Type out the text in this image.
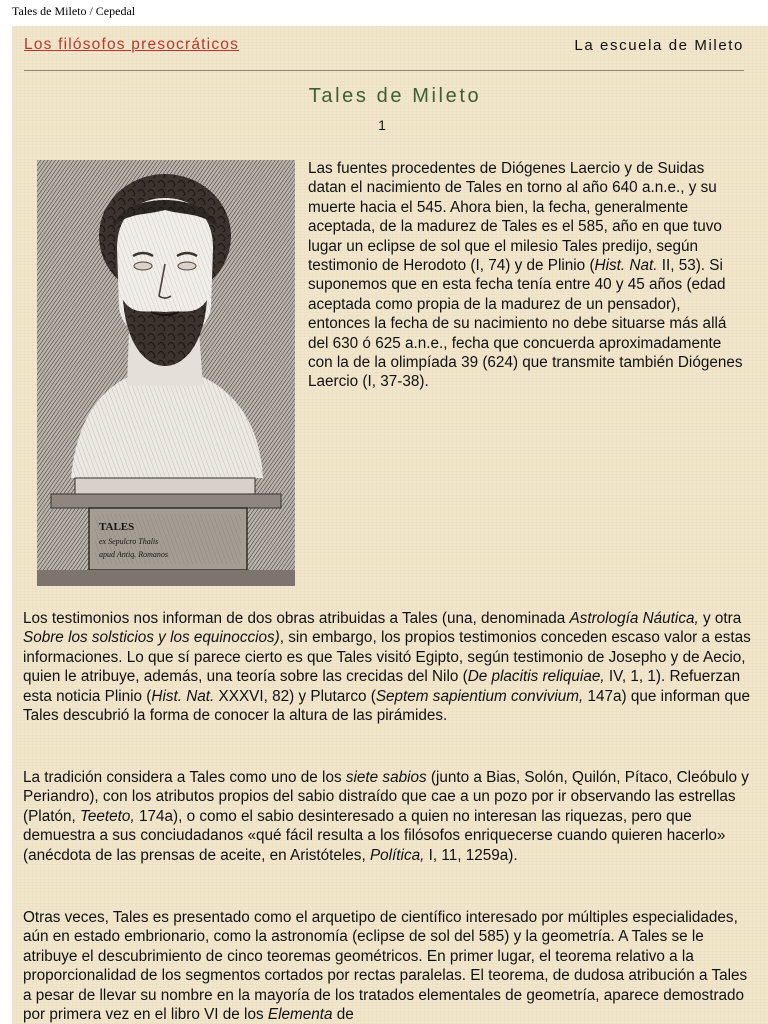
Tales de Mileto / Cepedal
Los filósofos presocráticos	La escuela de Mileto
Tales de Mileto
1
TALES
ex Sepulcro Thalis
apud Antiq. Romanos

Las fuentes procedentes de Diógenes Laercio y de Suidas datan el nacimiento de Tales en torno al año 640 a.n.e., y su muerte hacia el 545. Ahora bien, la fecha, generalmente aceptada, de la madurez de Tales es el 585, año en que tuvo lugar un eclipse de sol que el milesio Tales predijo, según testimonio de Herodoto (I, 74) y de Plinio (Hist. Nat. II, 53). Si suponemos que en esta fecha tenía entre 40 y 45 años (edad aceptada como propia de la madurez de un pensador), entonces la fecha de su nacimiento no debe situarse más allá del 630 ó 625 a.n.e., fecha que concuerda aproximadamente con la de la olimpíada 39 (624) que transmite también Diógenes Laercio (I, 37-38).

Los testimonios nos informan de dos obras atribuidas a Tales (una, denominada Astrología Náutica, y otra Sobre los solsticios y los equinoccios), sin embargo, los propios testimonios conceden escaso valor a estas informaciones. Lo que sí parece cierto es que Tales visitó Egipto, según testimonio de Josepho y de Aecio, quien le atribuye, además, una teoría sobre las crecidas del Nilo (De placitis reliquiae, IV, 1, 1). Refuerzan esta noticia Plinio (Hist. Nat. XXXVI, 82) y Plutarco (Septem sapientium convivium, 147a) que informan que Tales descubrió la forma de conocer la altura de las pirámides.

La tradición considera a Tales como uno de los siete sabios (junto a Bias, Solón, Quilón, Pítaco, Cleóbulo y Periandro), con los atributos propios del sabio distraído que cae a un pozo por ir observando las estrellas (Platón, Teeteto, 174a), o como el sabio desinteresado a quien no interesan las riquezas, pero que demuestra a sus conciudadanos «qué fácil resulta a los filósofos enriquecerse cuando quieren hacerlo» (anécdota de las prensas de aceite, en Aristóteles, Política, I, 11, 1259a).

Otras veces, Tales es presentado como el arquetipo de científico interesado por múltiples especialidades, aún en estado embrionario, como la astronomía (eclipse de sol del 585) y la geometría. A Tales se le atribuye el descubrimiento de cinco teoremas geométricos. En primer lugar, el teorema relativo a la proporcionalidad de los segmentos cortados por rectas paralelas. El teorema, de dudosa atribución a Tales a pesar de llevar su nombre en la mayoría de los tratados elementales de geometría, aparece demostrado por primera vez en el libro VI de los Elementa de
